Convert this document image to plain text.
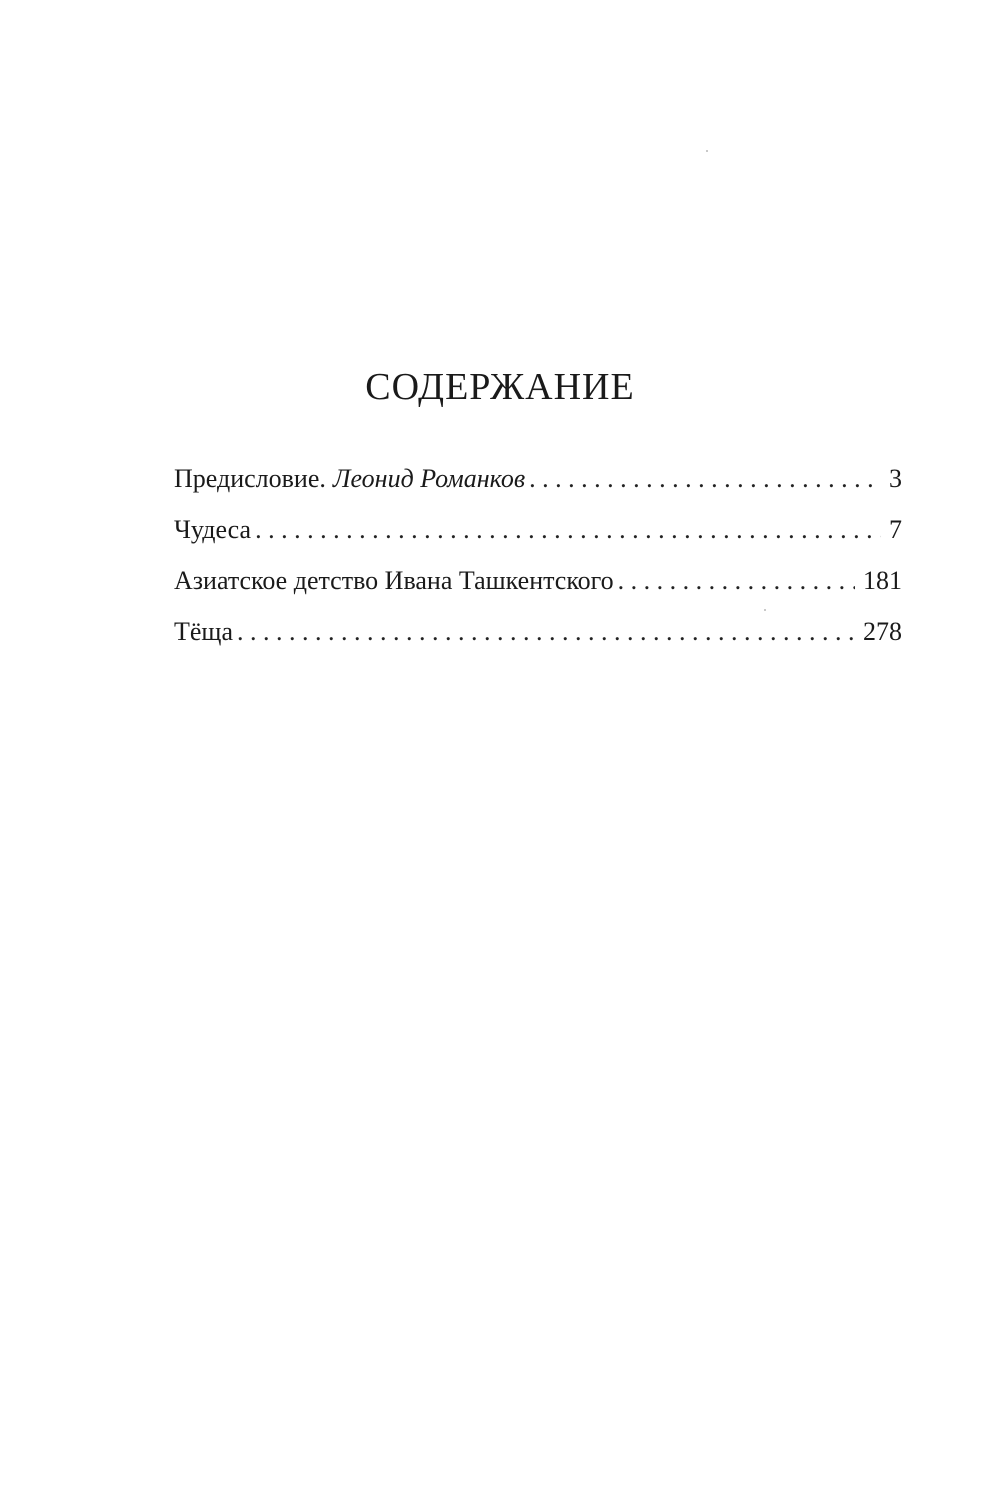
СОДЕРЖАНИЕ
Предисловие. Леонид Романков . . .	3
Чудеса . . .	7
Азиатское детство Ивана Ташкентского . . .	181
Тёща . . .	278
